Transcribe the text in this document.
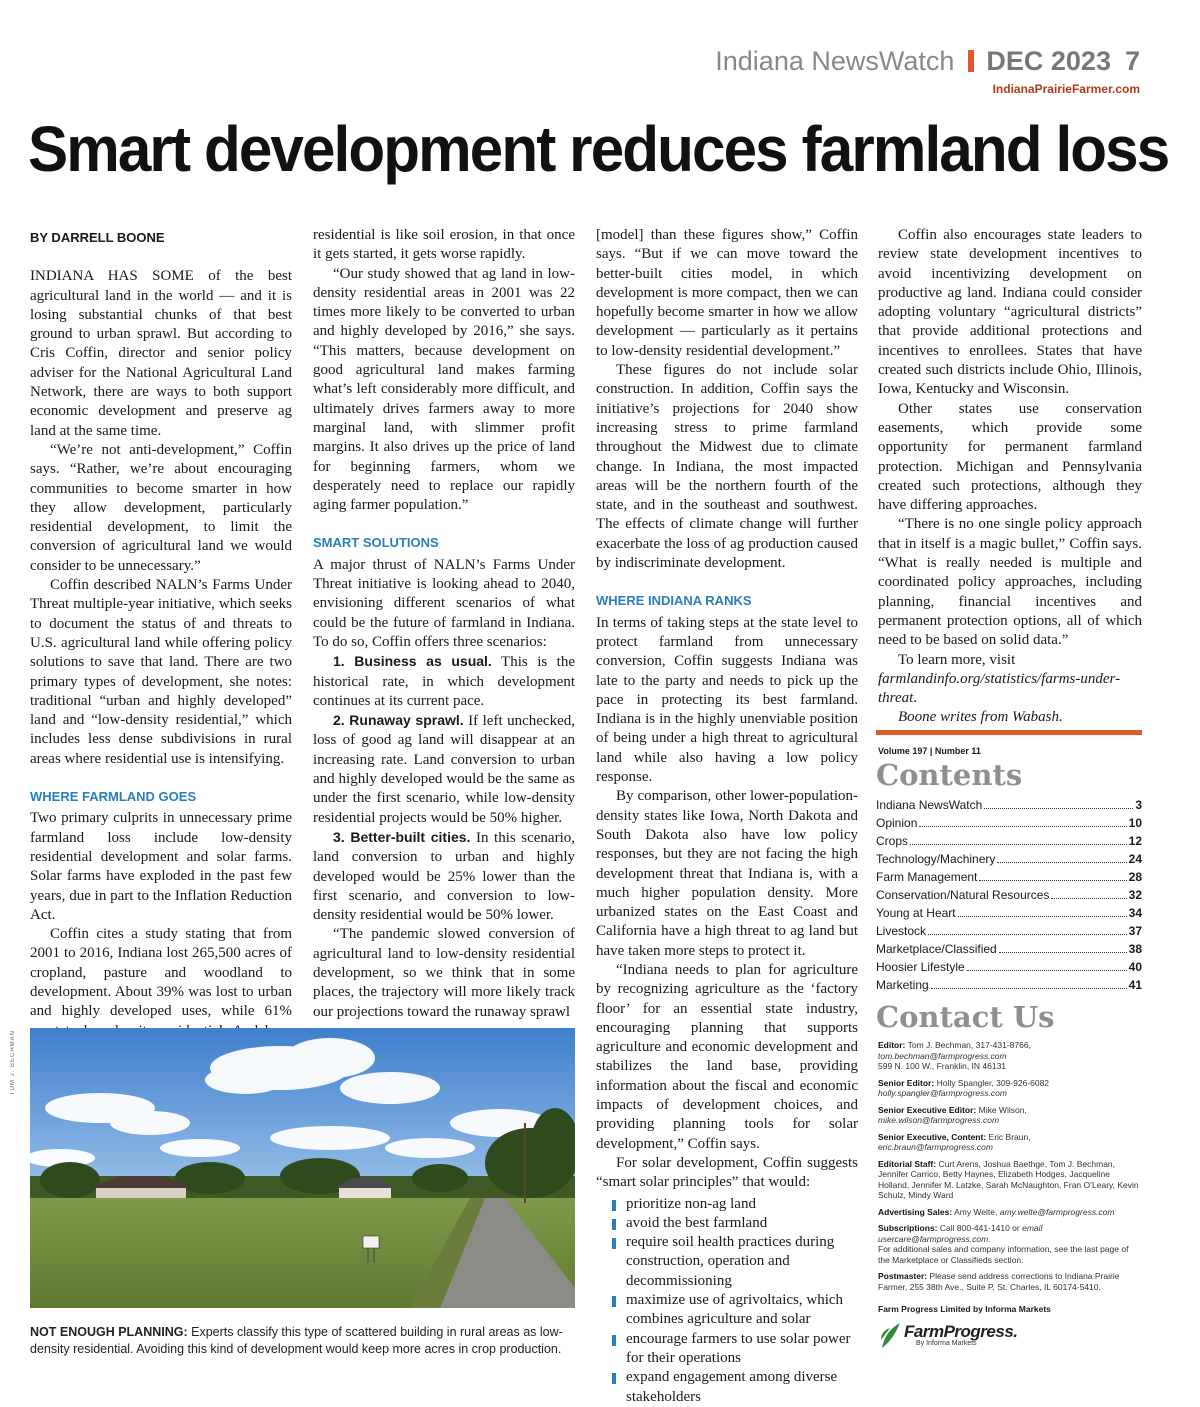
Indiana NewsWatch DEC 2023 7
IndianaPrairieFarmer.com
Smart development reduces farmland loss

BY DARRELL BOONE

INDIANA HAS SOME of the best agricultural land in the world — and it is losing substantial chunks of that best ground to urban sprawl. But according to Cris Coffin, director and senior policy adviser for the National Agricultural Land Network, there are ways to both support economic development and preserve ag land at the same time.

“We’re not anti-development,” Coffin says. “Rather, we’re about encouraging communities to become smarter in how they allow development, particularly residential development, to limit the conversion of agricultural land we would consider to be unnecessary.”

Coffin described NALN’s Farms Under Threat multiple-year initiative, which seeks to document the status of and threats to U.S. agricultural land while offering policy solutions to save that land. There are two primary types of development, she notes: traditional “urban and highly developed” land and “low-density residential,” which includes less dense subdivisions in rural areas where residential use is intensifying.

WHERE FARMLAND GOES

Two primary culprits in unnecessary prime farmland loss include low-density residential development and solar farms. Solar farms have exploded in the past few years, due in part to the Inflation Reduction Act.

Coffin cites a study stating that from 2001 to 2016, Indiana lost 265,500 acres of cropland, pasture and woodland to development. About 39% was lost to urban and highly developed uses, while 61%

residential is like soil erosion, in that once it gets started, it gets worse rapidly.

“Our study showed that ag land in low-density residential areas in 2001 was 22 times more likely to be converted to urban and highly developed by 2016,” she says. “This matters, because development on good agricultural land makes farming what’s left considerably more difficult, and ultimately drives farmers away to more marginal land, with slimmer profit margins. It also drives up the price of land for beginning farmers, whom we desperately need to replace our rapidly aging farmer population.”

SMART SOLUTIONS

A major thrust of NALN’s Farms Under Threat initiative is looking ahead to 2040, envisioning different scenarios of what could be the future of farmland in Indiana. To do so, Coffin offers three scenarios:

1. Business as usual. This is the historical rate, in which development continues at its current pace.

2. Runaway sprawl. If left unchecked, loss of good ag land will disappear at an increasing rate. Land conversion to urban and highly developed would be the same as under the first scenario, while low-density residential projects would be 50% higher.

3. Better-built cities. In this scenario, land conversion to urban and highly developed would be 25% lower than the first scenario, and conversion to low-density residential would be 50% lower.

“The pandemic slowed conversion of agricultural land to low-density residential development, so we think that in some places, the trajectory will more likely track our projections toward the runaway sprawl

[model] than these figures show,” Coffin says. “But if we can move toward the better-built cities model, in which development is more compact, then we can hopefully become smarter in how we allow development — particularly as it pertains to low-density residential development.”

These figures do not include solar construction. In addition, Coffin says the initiative’s projections for 2040 show increasing stress to prime farmland throughout the Midwest due to climate change. In Indiana, the most impacted areas will be the northern fourth of the state, and in the southeast and southwest. The effects of climate change will further exacerbate the loss of ag production caused by indiscriminate development.

WHERE INDIANA RANKS

In terms of taking steps at the state level to protect farmland from unnecessary conversion, Coffin suggests Indiana was late to the party and needs to pick up the pace in protecting its best farmland. Indiana is in the highly unenviable position of being under a high threat to agricultural land while also having a low policy response.

By comparison, other lower-population-density states like Iowa, North Dakota and South Dakota also have low policy responses, but they are not facing the high development threat that Indiana is, with a much higher population density. More urbanized states on the East Coast and California have a high threat to ag land but have taken more steps to protect it.

“Indiana needs to plan for agriculture by recognizing agriculture as the ‘factory floor’ for an essential state industry, encouraging planning that supports agriculture and economic development and stabilizes the land base, providing information about the fiscal and economic impacts of development choices, and providing planning tools for solar development,” Coffin says.

For solar development, Coffin suggests “smart solar principles” that would:

prioritize non-ag land
avoid the best farmland
require soil health practices during construction, operation and decommissioning
maximize use of agrivoltaics, which combines agriculture and solar
encourage farmers to use solar power for their operations
expand engagement among diverse stakeholders

Coffin also encourages state leaders to review state development incentives to avoid incentivizing development on productive ag land. Indiana could consider adopting voluntary “agricultural districts” that provide additional protections and incentives to enrollees. States that have created such districts include Ohio, Illinois, Iowa, Kentucky and Wisconsin.

Other states use conservation easements, which provide some opportunity for permanent farmland protection. Michigan and Pennsylvania created such protections, although they have differing approaches.

“There is no one single policy approach that in itself is a magic bullet,” Coffin says. “What is really needed is multiple and coordinated policy approaches, including planning, financial incentives and permanent protection options, all of which need to be based on solid data.”

To learn more, visit farmlandinfo.org/statistics/farms-under-threat.

Boone writes from Wabash.

TOM J. BECHMAN
NOT ENOUGH PLANNING: Experts classify this type of scattered building in rural areas as low-density residential. Avoiding this kind of development would keep more acres in crop production.
Volume 197 | Number 11
Contents
Indiana NewsWatch	3
Opinion	10
Crops	12
Technology/Machinery	24
Farm Management	28
Conservation/Natural Resources	32
Young at Heart	34
Livestock	37
Marketplace/Classified	38
Hoosier Lifestyle	40
Marketing	41
Contact Us
Editor: Tom J. Bechman, 317-431-8766,
tom.bechman@farmprogress.com
599 N. 100 W., Franklin, IN 46131
Senior Editor: Holly Spangler, 309-926-6082
holly.spangler@farmprogress.com
Senior Executive Editor: Mike Wilson, mike.wilson@farmprogress.com
Senior Executive, Content: Eric Braun, eric.braun@farmprogress.com
Editorial Staff: Curt Arens, Joshua Baethge, Tom J. Bechman, Jennifer Carrico, Betty Haynes, Elizabeth Hodges, Jacqueline Holland, Jennifer M. Latzke, Sarah McNaughton, Fran O’Leary, Kevin Schulz, Mindy Ward
Advertising Sales: Amy Welte, amy.welte@farmprogress.com
Subscriptions: Call 800-441-1410 or email usercare@farmprogress.com.
For additional sales and company information, see the last page of the Marketplace or Classifieds section.
Postmaster: Please send address corrections to Indiana Prairie Farmer, 255 38th Ave., Suite P, St. Charles, IL 60174-5410.
Farm Progress Limited by Informa Markets
FarmProgress.
By Informa Markets
